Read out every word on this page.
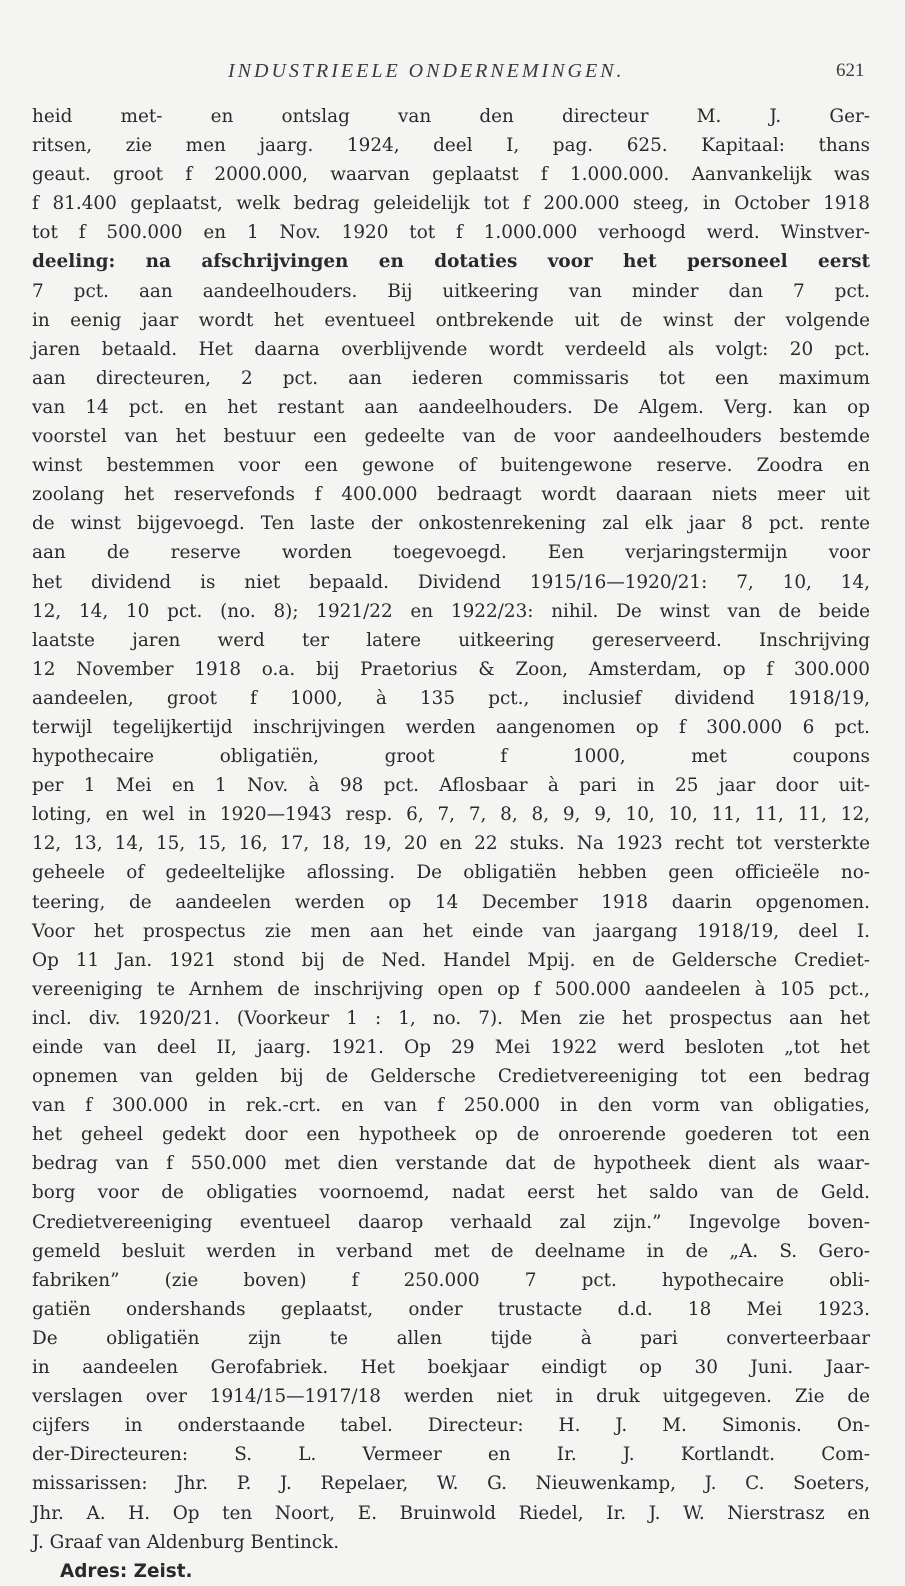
INDUSTRIEELE ONDERNEMINGEN.	621
heid met- en ontslag van den directeur M. J. Ger-
ritsen, zie men jaarg. 1924, deel I, pag. 625. Kapitaal: thans
geaut. groot f 2000.000, waarvan geplaatst f 1.000.000. Aanvankelijk was
f 81.400 geplaatst, welk bedrag geleidelijk tot f 200.000 steeg, in October 1918
tot f 500.000 en 1 Nov. 1920 tot f 1.000.000 verhoogd werd. Winstver-
deeling: na afschrijvingen en dotaties voor het personeel eerst
7 pct. aan aandeelhouders. Bij uitkeering van minder dan 7 pct.
in eenig jaar wordt het eventueel ontbrekende uit de winst der volgende
jaren betaald. Het daarna overblijvende wordt verdeeld als volgt: 20 pct.
aan directeuren, 2 pct. aan iederen commissaris tot een maximum
van 14 pct. en het restant aan aandeelhouders. De Algem. Verg. kan op
voorstel van het bestuur een gedeelte van de voor aandeelhouders bestemde
winst bestemmen voor een gewone of buitengewone reserve. Zoodra en
zoolang het reservefonds f 400.000 bedraagt wordt daaraan niets meer uit
de winst bijgevoegd. Ten laste der onkostenrekening zal elk jaar 8 pct. rente
aan de reserve worden toegevoegd. Een verjaringstermijn voor
het dividend is niet bepaald. Dividend 1915/16—1920/21: 7, 10, 14,
12, 14, 10 pct. (no. 8); 1921/22 en 1922/23: nihil. De winst van de beide
laatste jaren werd ter latere uitkeering gereserveerd. Inschrijving
12 November 1918 o.a. bij Praetorius & Zoon, Amsterdam, op f 300.000
aandeelen, groot f 1000, à 135 pct., inclusief dividend 1918/19,
terwijl tegelijkertijd inschrijvingen werden aangenomen op f 300.000 6 pct.
hypothecaire obligatiën, groot f 1000, met coupons
per 1 Mei en 1 Nov. à 98 pct. Aflosbaar à pari in 25 jaar door uit-
loting, en wel in 1920—1943 resp. 6, 7, 7, 8, 8, 9, 9, 10, 10, 11, 11, 11, 12,
12, 13, 14, 15, 15, 16, 17, 18, 19, 20 en 22 stuks. Na 1923 recht tot versterkte
geheele of gedeeltelijke aflossing. De obligatiën hebben geen officieële no-
teering, de aandeelen werden op 14 December 1918 daarin opgenomen.
Voor het prospectus zie men aan het einde van jaargang 1918/19, deel I.
Op 11 Jan. 1921 stond bij de Ned. Handel Mpij. en de Geldersche Crediet-
vereeniging te Arnhem de inschrijving open op f 500.000 aandeelen à 105 pct.,
incl. div. 1920/21. (Voorkeur 1 : 1, no. 7). Men zie het prospectus aan het
einde van deel II, jaarg. 1921. Op 29 Mei 1922 werd besloten „tot het
opnemen van gelden bij de Geldersche Credietvereeniging tot een bedrag
van f 300.000 in rek.-crt. en van f 250.000 in den vorm van obligaties,
het geheel gedekt door een hypotheek op de onroerende goederen tot een
bedrag van f 550.000 met dien verstande dat de hypotheek dient als waar-
borg voor de obligaties voornoemd, nadat eerst het saldo van de Geld.
Credietvereeniging eventueel daarop verhaald zal zijn.” Ingevolge boven-
gemeld besluit werden in verband met de deelname in de „A. S. Gero-
fabriken” (zie boven) f 250.000 7 pct. hypothecaire obli-
gatiën ondershands geplaatst, onder trustacte d.d. 18 Mei 1923.
De obligatiën zijn te allen tijde à pari converteerbaar
in aandeelen Gerofabriek. Het boekjaar eindigt op 30 Juni. Jaar-
verslagen over 1914/15—1917/18 werden niet in druk uitgegeven. Zie de
cijfers in onderstaande tabel. Directeur: H. J. M. Simonis. On-
der-Directeuren: S. L. Vermeer en Ir. J. Kortlandt. Com-
missarissen: Jhr. P. J. Repelaer, W. G. Nieuwenkamp, J. C. Soeters,
Jhr. A. H. Op ten Noort, E. Bruinwold Riedel, Ir. J. W. Nierstrasz en
J. Graaf van Aldenburg Bentinck.
Adres: Zeist.
